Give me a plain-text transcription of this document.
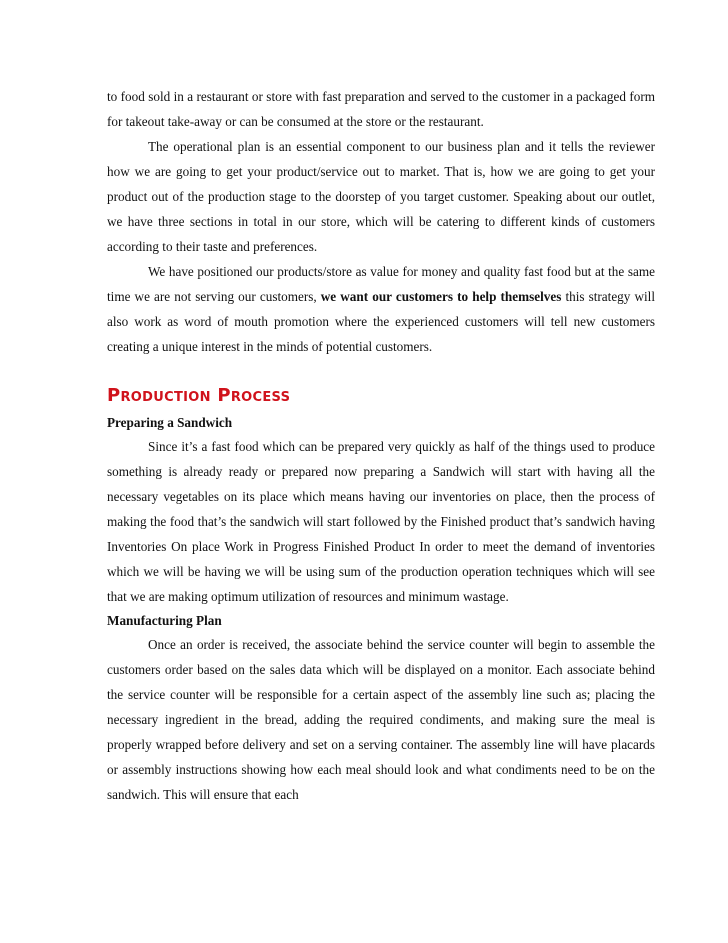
to food sold in a restaurant or store with fast preparation and served to the customer in a packaged form for takeout take-away or can be consumed at the store or the restaurant.

The operational plan is an essential component to our business plan and it tells the reviewer how we are going to get your product/service out to market. That is, how we are going to get your product out of the production stage to the doorstep of you target customer. Speaking about our outlet, we have three sections in total in our store, which will be catering to different kinds of customers according to their taste and preferences.

We have positioned our products/store as value for money and quality fast food but at the same time we are not serving our customers, we want our customers to help themselves this strategy will also work as word of mouth promotion where the experienced customers will tell new customers creating a unique interest in the minds of potential customers.

Production Process

Preparing a Sandwich

Since it’s a fast food which can be prepared very quickly as half of the things used to produce something is already ready or prepared now preparing a Sandwich will start with having all the necessary vegetables on its place which means having our inventories on place, then the process of making the food that’s the sandwich will start followed by the Finished product that’s sandwich having Inventories On place Work in Progress Finished Product In order to meet the demand of inventories which we will be having we will be using sum of the production operation techniques which will see that we are making optimum utilization of resources and minimum wastage.

Manufacturing Plan

Once an order is received, the associate behind the service counter will begin to assemble the customers order based on the sales data which will be displayed on a monitor. Each associate behind the service counter will be responsible for a certain aspect of the assembly line such as; placing the necessary ingredient in the bread, adding the required condiments, and making sure the meal is properly wrapped before delivery and set on a serving container. The assembly line will have placards or assembly instructions showing how each meal should look and what condiments need to be on the sandwich. This will ensure that each
